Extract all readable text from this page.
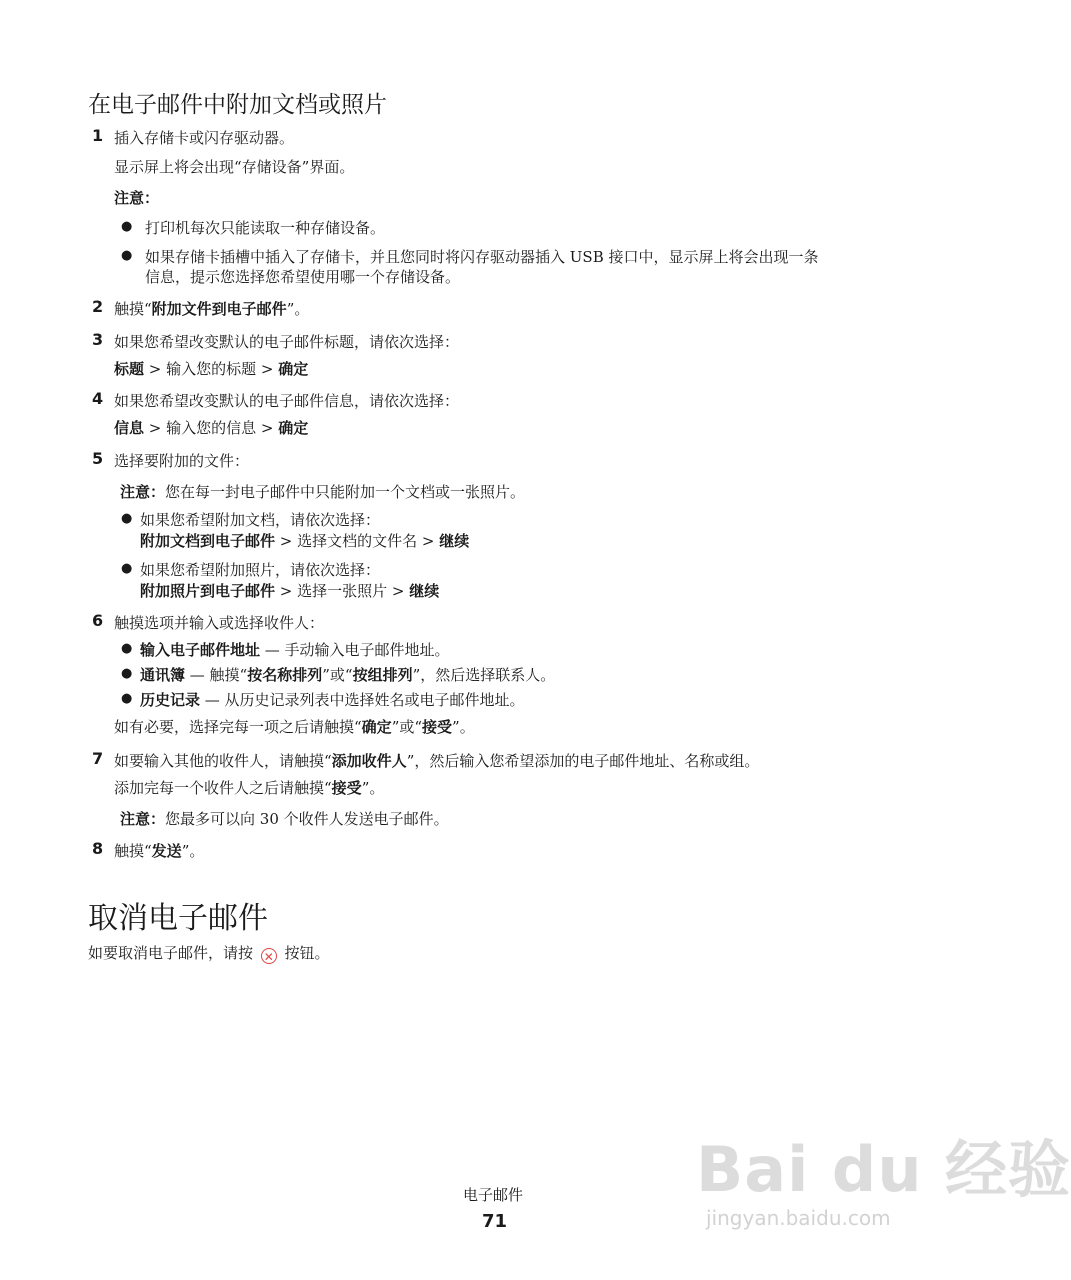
在电子邮件中附加文档或照片
1 插入存储卡或闪存驱动器。
显示屏上将会出现“存储设备”界面。
注意：
● 打印机每次只能读取一种存储设备。
● 如果存储卡插槽中插入了存储卡，并且您同时将闪存驱动器插入 USB 接口中，显示屏上将会出现一条
信息，提示您选择您希望使用哪一个存储设备。
2 触摸“附加文件到电子邮件”。
3 如果您希望改变默认的电子邮件标题，请依次选择：
标题 > 输入您的标题 > 确定
4 如果您希望改变默认的电子邮件信息，请依次选择：
信息 > 输入您的信息 > 确定
5 选择要附加的文件：
注意：您在每一封电子邮件中只能附加一个文档或一张照片。
● 如果您希望附加文档，请依次选择：
附加文档到电子邮件 > 选择文档的文件名 > 继续
● 如果您希望附加照片，请依次选择：
附加照片到电子邮件 > 选择一张照片 > 继续
6 触摸选项并输入或选择收件人：
● 输入电子邮件地址 — 手动输入电子邮件地址。
● 通讯簿 — 触摸“按名称排列”或“按组排列”，然后选择联系人。
● 历史记录 — 从历史记录列表中选择姓名或电子邮件地址。
如有必要，选择完每一项之后请触摸“确定”或“接受”。
7 如要输入其他的收件人，请触摸“添加收件人”，然后输入您希望添加的电子邮件地址、名称或组。
添加完每一个收件人之后请触摸“接受”。
注意：您最多可以向 30 个收件人发送电子邮件。
8 触摸“发送”。
取消电子邮件
如要取消电子邮件，请按 ✕ 按钮。
Bai du 经验
jingyan.baidu.com
电子邮件
71
